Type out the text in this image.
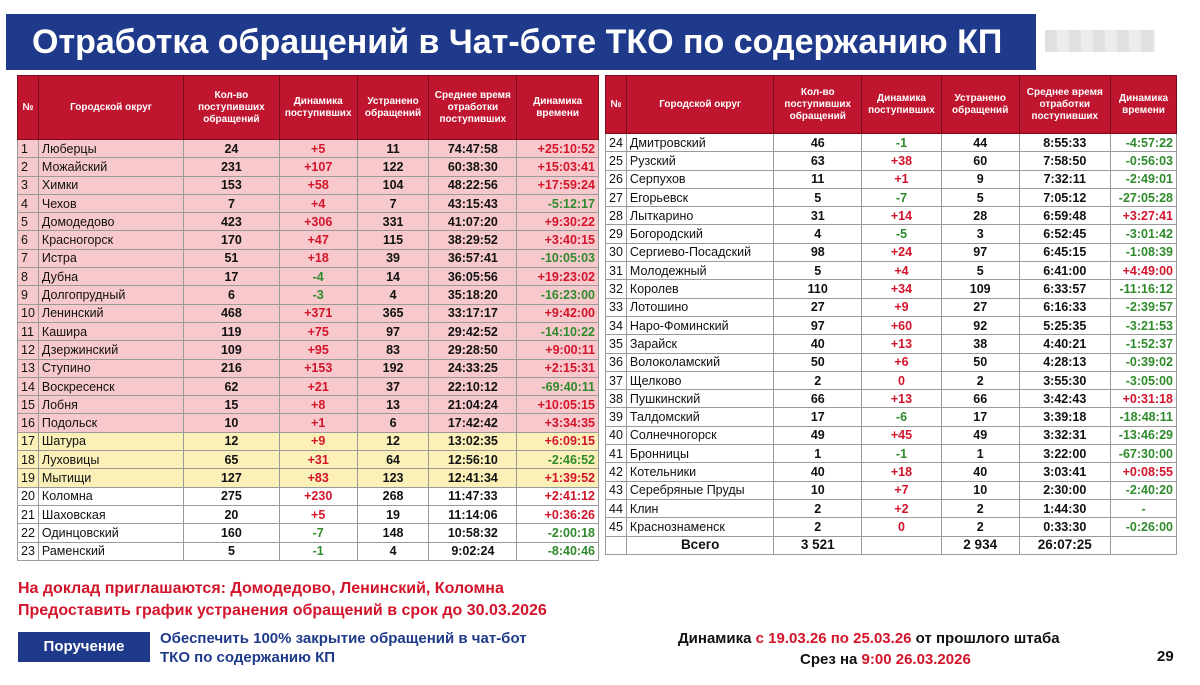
Отработка обращений в Чат-боте ТКО по содержанию КП
№	Городской округ	Кол-во поступивших обращений	Динамика поступивших	Устранено обращений	Среднее время отработки поступивших	Динамика времени
1	Люберцы	24	+5	11	74:47:58	+25:10:52
2	Можайский	231	+107	122	60:38:30	+15:03:41
3	Химки	153	+58	104	48:22:56	+17:59:24
4	Чехов	7	+4	7	43:15:43	-5:12:17
5	Домодедово	423	+306	331	41:07:20	+9:30:22
6	Красногорск	170	+47	115	38:29:52	+3:40:15
7	Истра	51	+18	39	36:57:41	-10:05:03
8	Дубна	17	-4	14	36:05:56	+19:23:02
9	Долгопрудный	6	-3	4	35:18:20	-16:23:00
10	Ленинский	468	+371	365	33:17:17	+9:42:00
11	Кашира	119	+75	97	29:42:52	-14:10:22
12	Дзержинский	109	+95	83	29:28:50	+9:00:11
13	Ступино	216	+153	192	24:33:25	+2:15:31
14	Воскресенск	62	+21	37	22:10:12	-69:40:11
15	Лобня	15	+8	13	21:04:24	+10:05:15
16	Подольск	10	+1	6	17:42:42	+3:34:35
17	Шатура	12	+9	12	13:02:35	+6:09:15
18	Луховицы	65	+31	64	12:56:10	-2:46:52
19	Мытищи	127	+83	123	12:41:34	+1:39:52
20	Коломна	275	+230	268	11:47:33	+2:41:12
21	Шаховская	20	+5	19	11:14:06	+0:36:26
22	Одинцовский	160	-7	148	10:58:32	-2:00:18
23	Раменский	5	-1	4	9:02:24	-8:40:46
№	Городской округ	Кол-во поступивших обращений	Динамика поступивших	Устранено обращений	Среднее время отработки поступивших	Динамика времени
24	Дмитровский	46	-1	44	8:55:33	-4:57:22
25	Рузский	63	+38	60	7:58:50	-0:56:03
26	Серпухов	11	+1	9	7:32:11	-2:49:01
27	Егорьевск	5	-7	5	7:05:12	-27:05:28
28	Лыткарино	31	+14	28	6:59:48	+3:27:41
29	Богородский	4	-5	3	6:52:45	-3:01:42
30	Сергиево-Посадский	98	+24	97	6:45:15	-1:08:39
31	Молодежный	5	+4	5	6:41:00	+4:49:00
32	Королев	110	+34	109	6:33:57	-11:16:12
33	Лотошино	27	+9	27	6:16:33	-2:39:57
34	Наро-Фоминский	97	+60	92	5:25:35	-3:21:53
35	Зарайск	40	+13	38	4:40:21	-1:52:37
36	Волоколамский	50	+6	50	4:28:13	-0:39:02
37	Щелково	2	0	2	3:55:30	-3:05:00
38	Пушкинский	66	+13	66	3:42:43	+0:31:18
39	Талдомский	17	-6	17	3:39:18	-18:48:11
40	Солнечногорск	49	+45	49	3:32:31	-13:46:29
41	Бронницы	1	-1	1	3:22:00	-67:30:00
42	Котельники	40	+18	40	3:03:41	+0:08:55
43	Серебряные Пруды	10	+7	10	2:30:00	-2:40:20
44	Клин	2	+2	2	1:44:30	-
45	Краснознаменск	2	0	2	0:33:30	-0:26:00
	Всего	3 521		2 934	26:07:25	
На доклад приглашаются: Домодедово, Ленинский, Коломна
Предоставить график устранения обращений в срок до 30.03.2026
Поручение	Обеспечить 100% закрытие обращений в чат-бот ТКО по содержанию КП
Динамика с 19.03.26 по 25.03.26 от прошлого штаба
Срез на 9:00 26.03.2026	29
